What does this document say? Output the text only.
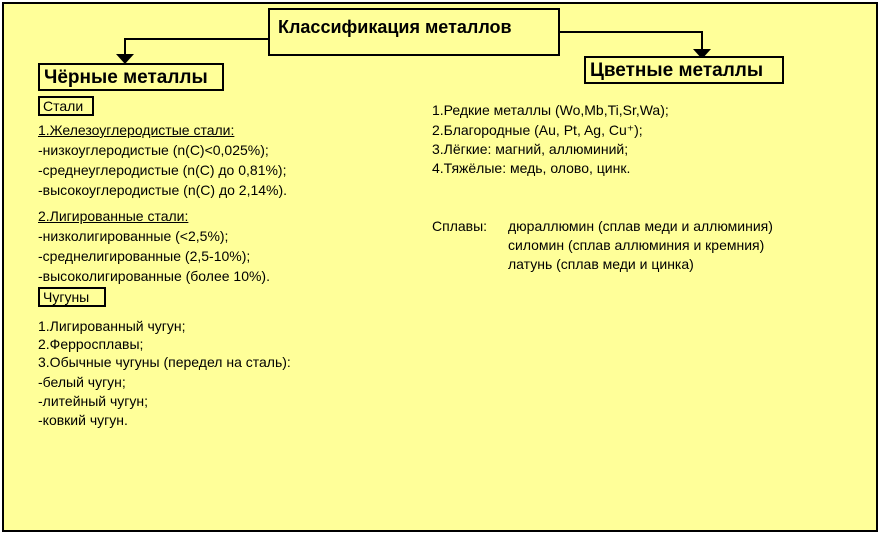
Классификация металлов
Чёрные металлы	Цветные металлы
Стали
1.Железоуглеродистые стали:
-низкоуглеродистые (n(C)<0,025%);
-среднеуглеродистые (n(C) до 0,81%);
-высокоуглеродистые (n(C) до 2,14%).
2.Лигированные стали:
-низколигированные (<2,5%);
-среднелигированные (2,5-10%);
-высоколигированные (более 10%).
Чугуны
1.Лигированный чугун;
2.Ферросплавы;
3.Обычные чугуны (передел на сталь):
-белый чугун;
-литейный чугун;
-ковкий чугун.
1.Редкие металлы (Wo,Mb,Ti,Sr,Wa);
2.Благородные (Au, Pt, Ag, Cu⁺);
3.Лёгкие: магний, аллюминий;
4.Тяжёлые: медь, олово, цинк.
Сплавы: дюраллюмин (сплав меди и аллюминия)
силомин (сплав аллюминия и кремния)
латунь (сплав меди и цинка)
